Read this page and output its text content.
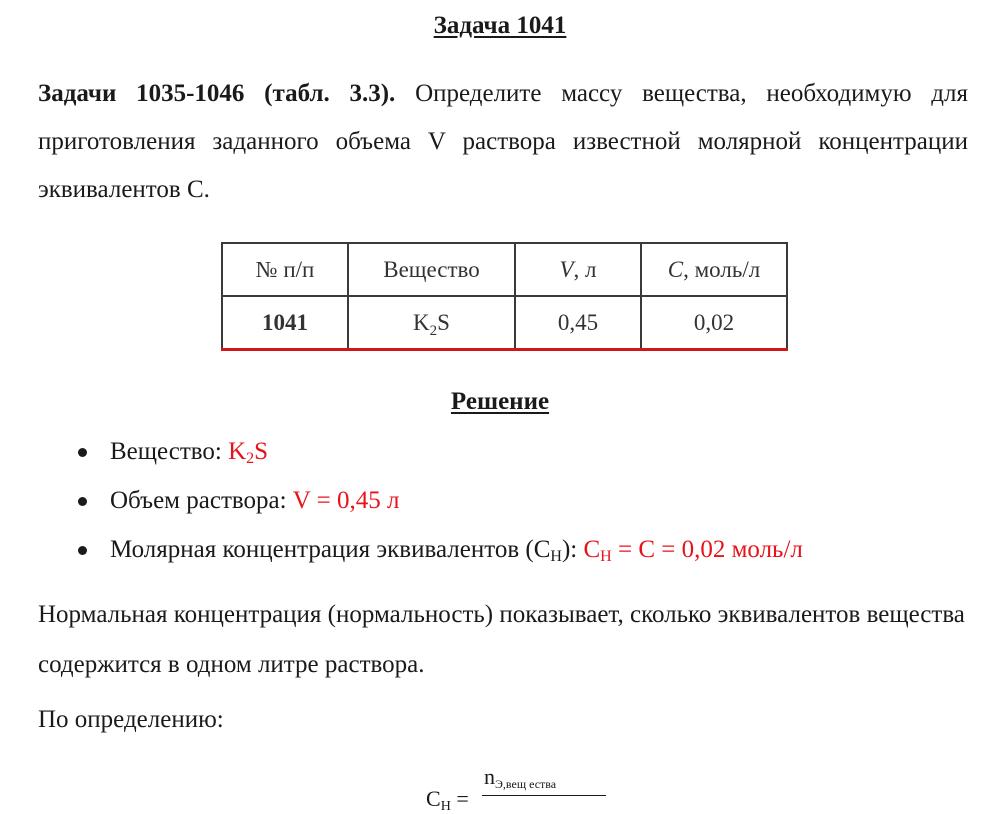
Задача 1041
Задачи 1035-1046 (табл. 3.3). Определите массу вещества, необходимую для приготовления заданного объема V раствора известной молярной концентрации эквивалентов С.
№ п/п	Вещество	V, л	C, моль/л
1041	$K_2S$	0,45	0,02
Решение
Вещество: $K_2S$
Объем раствора: V = 0,45 л
Молярная концентрация эквивалентов $(C_H)$: $C_H = C = 0,02$ моль/л
Нормальная концентрация (нормальность) показывает, сколько эквивалентов вещества содержится в одном литре раствора.
По определению:
$C_H$ =
$n_{Э,вещ ества}$
